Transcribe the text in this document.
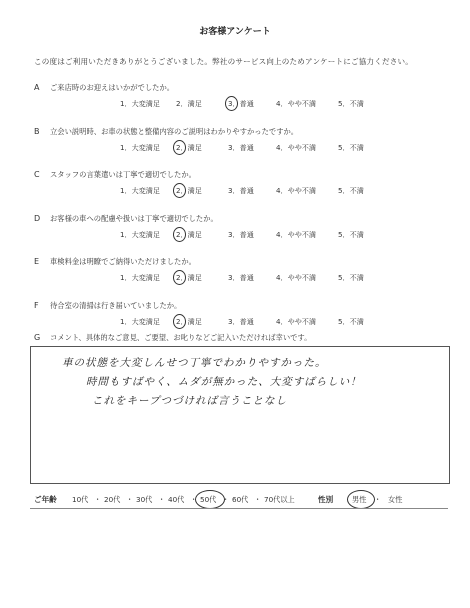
お客様アンケート
この度はご利用いただきありがとうございました。弊社のサービス向上のためアンケートにご協力ください。
A ご来店時のお迎えはいかがでしたか。
1．大変満足 2．満足	3．普通	4．やや不満	5．不満
B 立会い説明時、お車の状態と整備内容のご説明はわかりやすかったですか。
1．大変満足 2．満足	3．普通	4．やや不満	5．不満
C スタッフの言葉遣いは丁寧で適切でしたか。
1．大変満足 2．満足	3．普通	4．やや不満	5．不満
D お客様の車への配慮や扱いは丁寧で適切でしたか。
1．大変満足 2．満足	3．普通	4．やや不満	5．不満
E 車検料金は明瞭でご納得いただけましたか。
1．大変満足 2．満足	3．普通	4．やや不満	5．不満
F 待合室の清掃は行き届いていましたか。
1．大変満足 2．満足	3．普通	4．やや不満	5．不満
G コメント、具体的なご意見、ご要望、お叱りなどご記入いただければ幸いです。
車の状態を大変しんせつ丁寧でわかりやすかった。
時間もすばやく、ムダが無かった、大変すばらしい！
これをキープつづければ言うことなし
ご年齢 10代 ・ 20代 ・ 30代 ・ 40代 ・ 50代 ・ 60代 ・ 70代以上	性別	男性	女性
・
